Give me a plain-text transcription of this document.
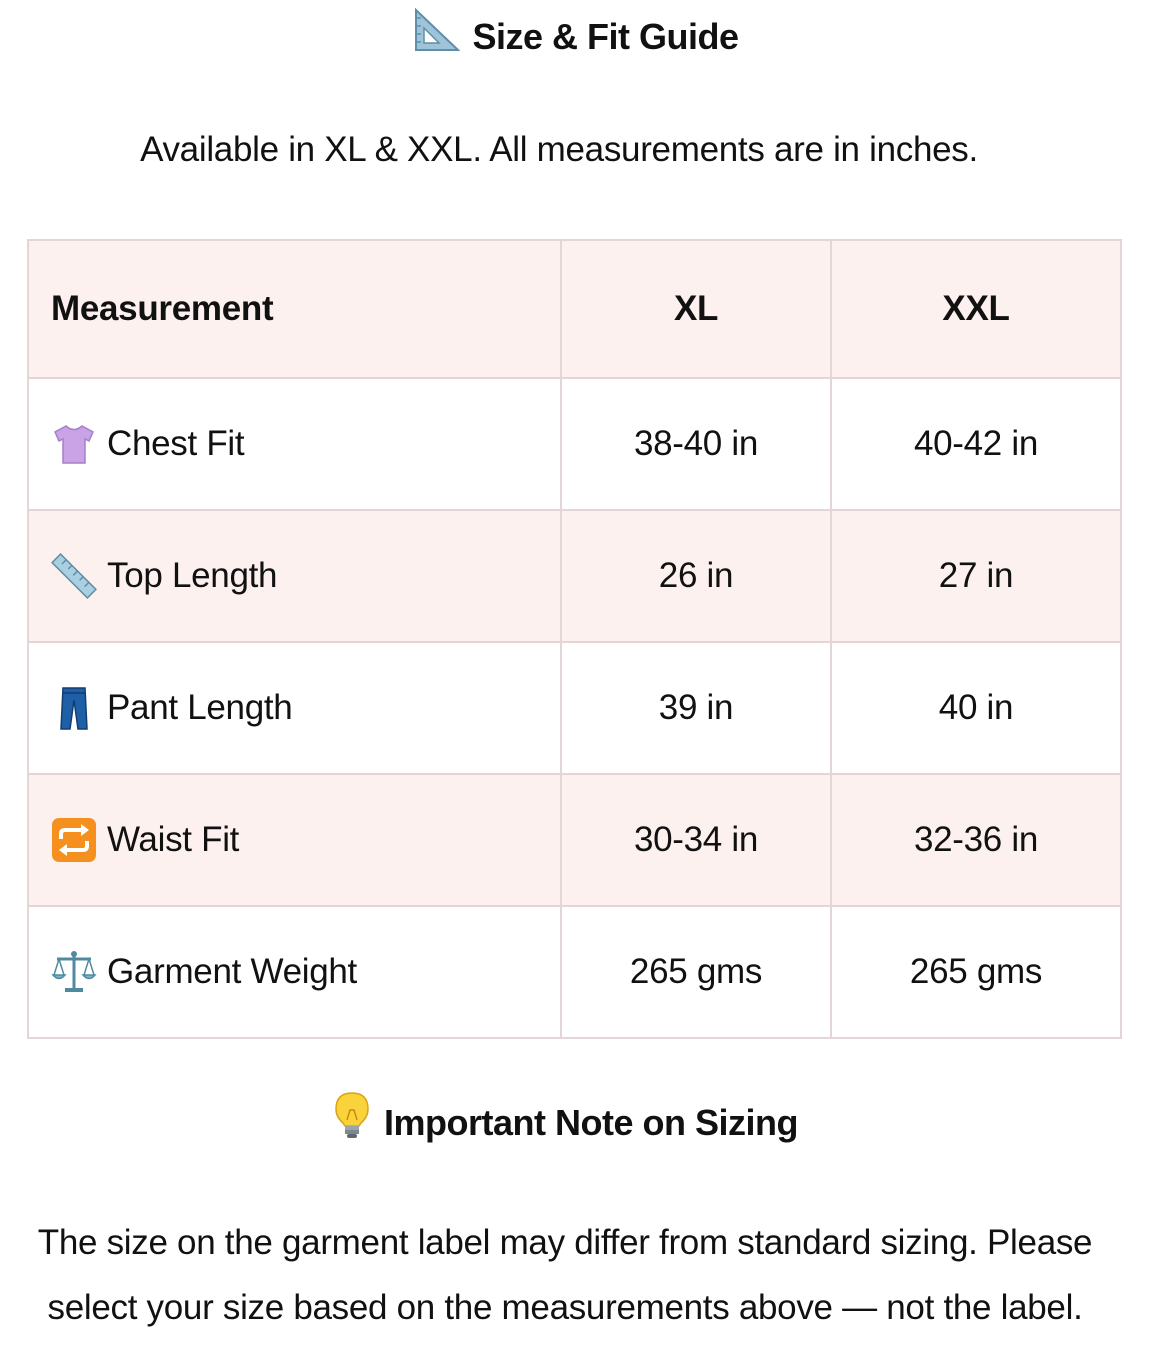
Size & Fit Guide
Available in XL & XXL. All measurements are in inches.
Measurement	XL	XXL
Chest Fit	38-40 in	40-42 in
Top Length	26 in	27 in
Pant Length	39 in	40 in
Waist Fit	30-34 in	32-36 in
Garment Weight	265 gms	265 gms
Important Note on Sizing
The size on the garment label may differ from standard sizing. Please
select your size based on the measurements above — not the label.
